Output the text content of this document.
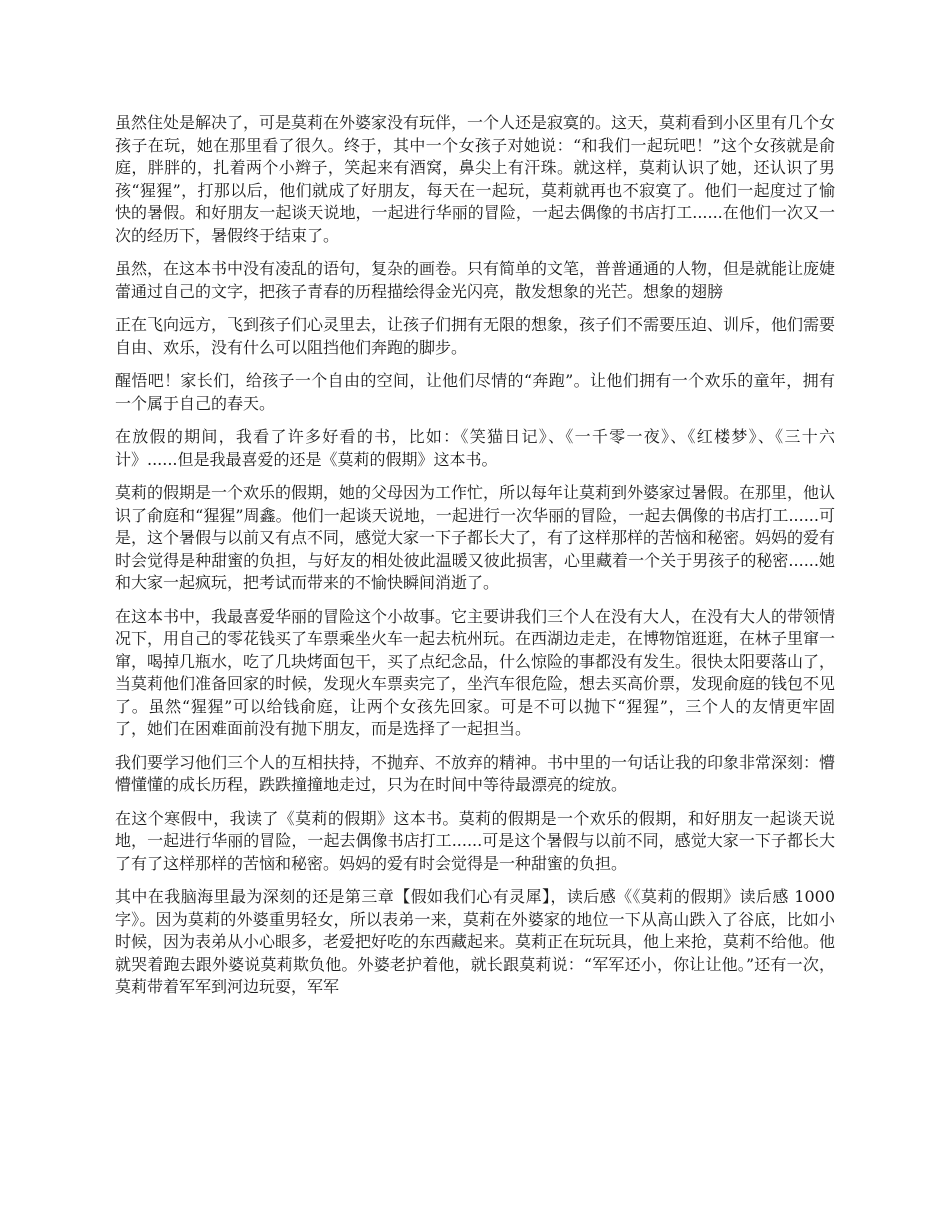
虽然住处是解决了，可是莫莉在外婆家没有玩伴，一个人还是寂寞的。这天，莫莉看到小区里有几个女孩子在玩，她在那里看了很久。终于，其中一个女孩子对她说：“和我们一起玩吧！”这个女孩就是俞庭，胖胖的，扎着两个小辫子，笑起来有酒窝，鼻尖上有汗珠。就这样，莫莉认识了她，还认识了男孩“猩猩”，打那以后，他们就成了好朋友，每天在一起玩，莫莉就再也不寂寞了。他们一起度过了愉快的暑假。和好朋友一起谈天说地，一起进行华丽的冒险，一起去偶像的书店打工......在他们一次又一次的经历下，暑假终于结束了。

虽然，在这本书中没有凌乱的语句，复杂的画卷。只有简单的文笔，普普通通的人物，但是就能让庞婕蕾通过自己的文字，把孩子青春的历程描绘得金光闪亮，散发想象的光芒。想象的翅膀

正在飞向远方，飞到孩子们心灵里去，让孩子们拥有无限的想象，孩子们不需要压迫、训斥，他们需要自由、欢乐，没有什么可以阻挡他们奔跑的脚步。

醒悟吧！家长们，给孩子一个自由的空间，让他们尽情的“奔跑”。让他们拥有一个欢乐的童年，拥有一个属于自己的春天。

在放假的期间，我看了许多好看的书，比如：《笑猫日记》、《一千零一夜》、《红楼梦》、《三十六计》......但是我最喜爱的还是《莫莉的假期》这本书。

莫莉的假期是一个欢乐的假期，她的父母因为工作忙，所以每年让莫莉到外婆家过暑假。在那里，他认识了俞庭和“猩猩”周鑫。他们一起谈天说地，一起进行一次华丽的冒险，一起去偶像的书店打工......可是，这个暑假与以前又有点不同，感觉大家一下子都长大了，有了这样那样的苦恼和秘密。妈妈的爱有时会觉得是种甜蜜的负担，与好友的相处彼此温暖又彼此损害，心里藏着一个关于男孩子的秘密......她和大家一起疯玩，把考试而带来的不愉快瞬间消逝了。

在这本书中，我最喜爱华丽的冒险这个小故事。它主要讲我们三个人在没有大人，在没有大人的带领情况下，用自己的零花钱买了车票乘坐火车一起去杭州玩。在西湖边走走，在博物馆逛逛，在林子里窜一窜，喝掉几瓶水，吃了几块烤面包干，买了点纪念品，什么惊险的事都没有发生。很快太阳要落山了，当莫莉他们准备回家的时候，发现火车票卖完了，坐汽车很危险，想去买高价票，发现俞庭的钱包不见了。虽然“猩猩”可以给钱俞庭，让两个女孩先回家。可是不可以抛下“猩猩”，三个人的友情更牢固了，她们在困难面前没有抛下朋友，而是选择了一起担当。

我们要学习他们三个人的互相扶持，不抛弃、不放弃的精神。书中里的一句话让我的印象非常深刻：懵懵懂懂的成长历程，跌跌撞撞地走过，只为在时间中等待最漂亮的绽放。

在这个寒假中，我读了《莫莉的假期》这本书。莫莉的假期是一个欢乐的假期，和好朋友一起谈天说地，一起进行华丽的冒险，一起去偶像书店打工......可是这个暑假与以前不同，感觉大家一下子都长大了有了这样那样的苦恼和秘密。妈妈的爱有时会觉得是一种甜蜜的负担。

其中在我脑海里最为深刻的还是第三章【假如我们心有灵犀】，读后感《《莫莉的假期》读后感 1000 字》。因为莫莉的外婆重男轻女，所以表弟一来，莫莉在外婆家的地位一下从高山跌入了谷底，比如小时候，因为表弟从小心眼多，老爱把好吃的东西藏起来。莫莉正在玩玩具，他上来抢，莫莉不给他。他就哭着跑去跟外婆说莫莉欺负他。外婆老护着他，就长跟莫莉说：“军军还小，你让让他。”还有一次，莫莉带着军军到河边玩耍，军军
